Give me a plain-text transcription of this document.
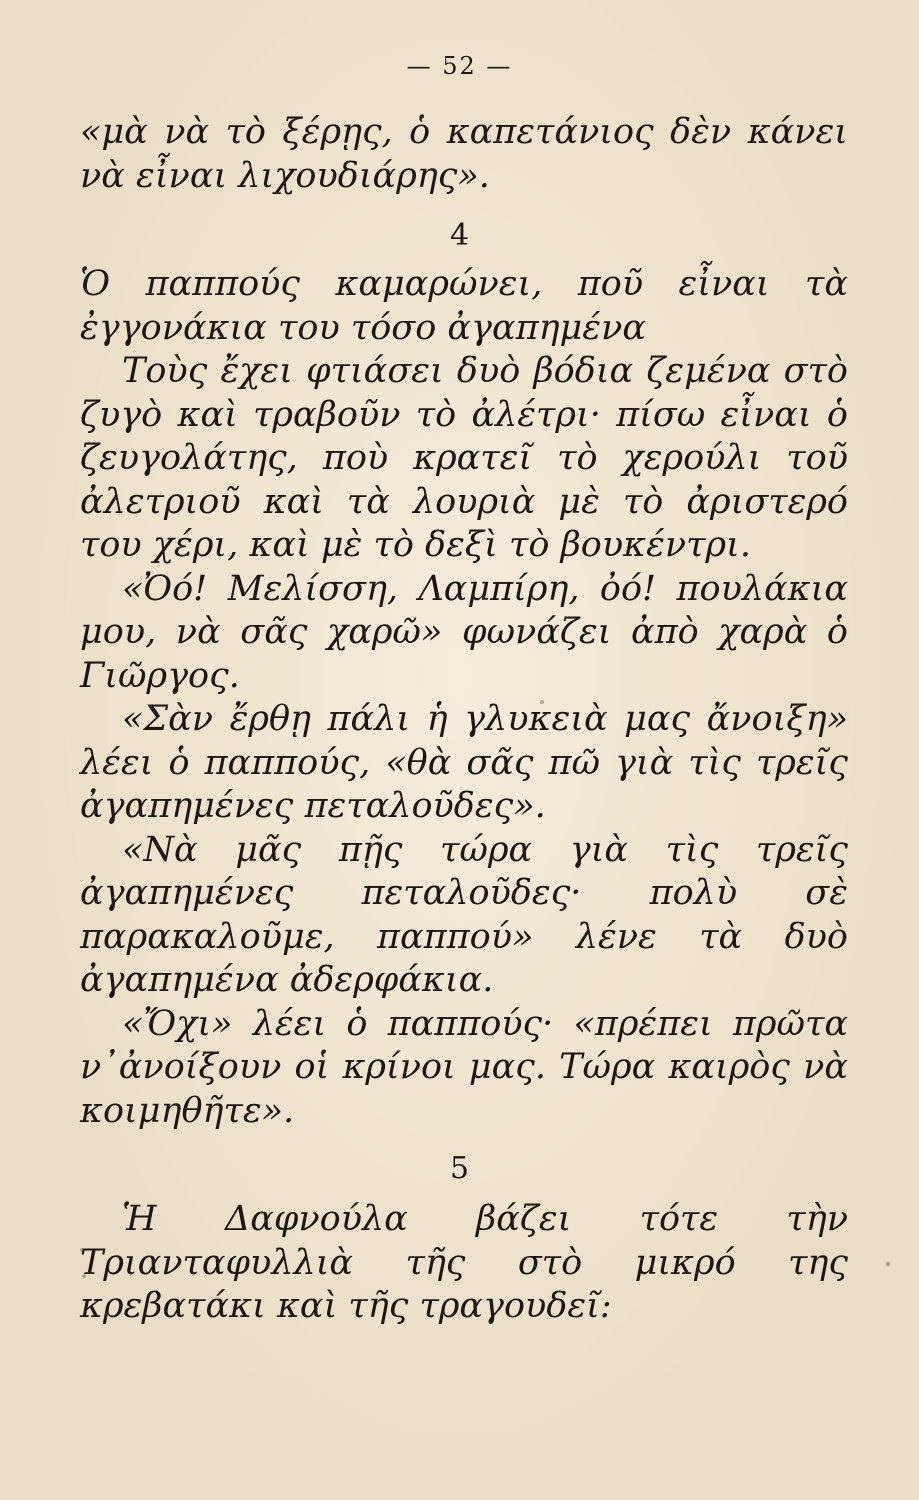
— 52 —

«μὰ νὰ τὸ ξέρῃς, ὁ καπετάνιος δὲν κάνει νὰ εἶναι λιχουδιάρης».

4

Ὁ παππούς καμαρώνει, ποῦ εἶναι τὰ ἐγγονάκια του τόσο ἀγαπημένα

Τοὺς ἔχει φτιάσει δυὸ βόδια ζεμένα στὸ ζυγὸ καὶ τραβοῦν τὸ ἀλέτρι· πίσω εἶναι ὁ ζευγολάτης, ποὺ κρατεῖ τὸ χερούλι τοῦ ἀλετριοῦ καὶ τὰ λουριὰ μὲ τὸ ἀριστερό του χέρι, καὶ μὲ τὸ δεξὶ τὸ βουκέντρι.

«Ὀό! Μελίσση, Λαμπίρη, ὀό! πουλάκια μου, νὰ σᾶς χαρῶ» φωνάζει ἀπὸ χαρὰ ὁ Γιῶργος.

«Σὰν ἔρθῃ πάλι ἡ γλυκειὰ μας ἄνοιξη» λέει ὁ παππούς, «θὰ σᾶς πῶ γιὰ τὶς τρεῖς ἀγαπημένες πεταλοῦδες».

«Νὰ μᾶς πῇς τώρα γιὰ τὶς τρεῖς ἀγαπημένες πεταλοῦδες· πολὺ σὲ παρακαλοῦμε, παππού» λένε τὰ δυὸ ἀγαπημένα ἀδερφάκια.

«Ὄχι» λέει ὁ παππούς· «πρέπει πρῶτα ν᾽ἀνοίξουν οἱ κρίνοι μας. Τώρα καιρὸς νὰ κοιμηθῆτε».

5

Ἡ Δαφνούλα βάζει τότε τὴν Τριανταφυλλιὰ τῆς στὸ μικρό της κρεβατάκι καὶ τῆς τραγουδεῖ:
